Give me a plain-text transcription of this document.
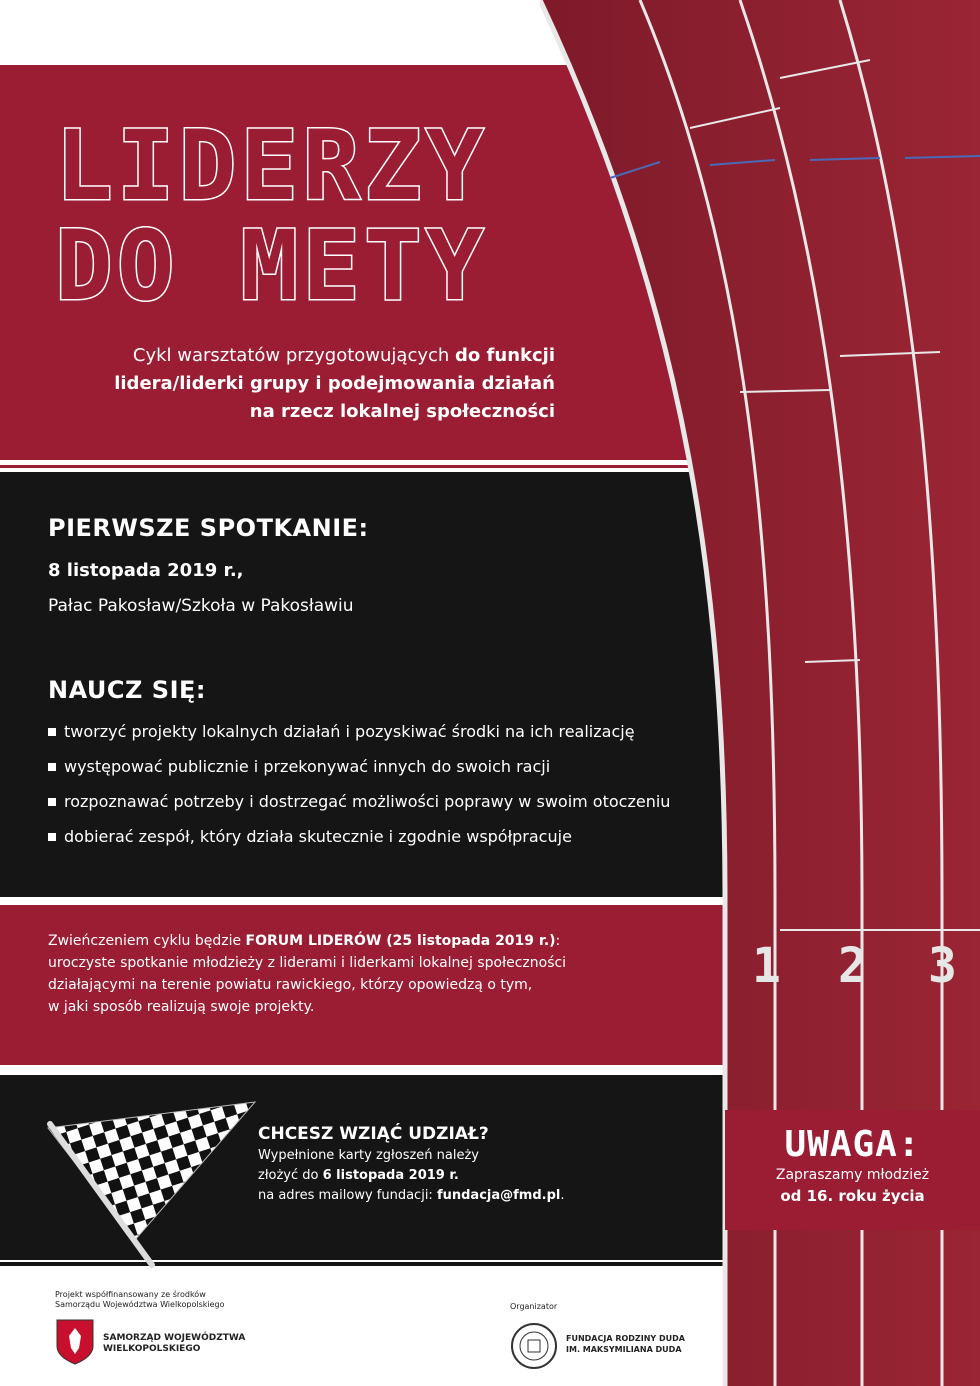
LIDERZY
DO METY
Cykl warsztatów przygotowujących do funkcji
lidera/liderki grupy i podejmowania działań
na rzecz lokalnej społeczności
PIERWSZE SPOTKANIE:
8 listopada 2019 r.,
Pałac Pakosław/Szkoła w Pakosławiu
NAUCZ SIĘ:
tworzyć projekty lokalnych działań i pozyskiwać środki na ich realizację
występować publicznie i przekonywać innych do swoich racji
rozpoznawać potrzeby i dostrzegać możliwości poprawy w swoim otoczeniu
dobierać zespół, który działa skutecznie i zgodnie współpracuje
Zwieńczeniem cyklu będzie FORUM LIDERÓW (25 listopada 2019 r.):
uroczyste spotkanie młodzieży z liderami i liderkami lokalnej społeczności
działającymi na terenie powiatu rawickiego, którzy opowiedzą o tym,
w jaki sposób realizują swoje projekty.
CHCESZ WZIĄĆ UDZIAŁ?
Wypełnione karty zgłoszeń należy
złożyć do 6 listopada 2019 r.
na adres mailowy fundacji: fundacja@fmd.pl.
1 2 3
UWAGA:
Zapraszamy młodzież
od 16. roku życia
Projekt współfinansowany ze środków
Samorządu Województwa Wielkopolskiego
SAMORZĄD WOJEWÓDZTWA
WIELKOPOLSKIEGO
Organizator
FUNDACJA RODZINY DUDA
IM. MAKSYMILIANA DUDA
